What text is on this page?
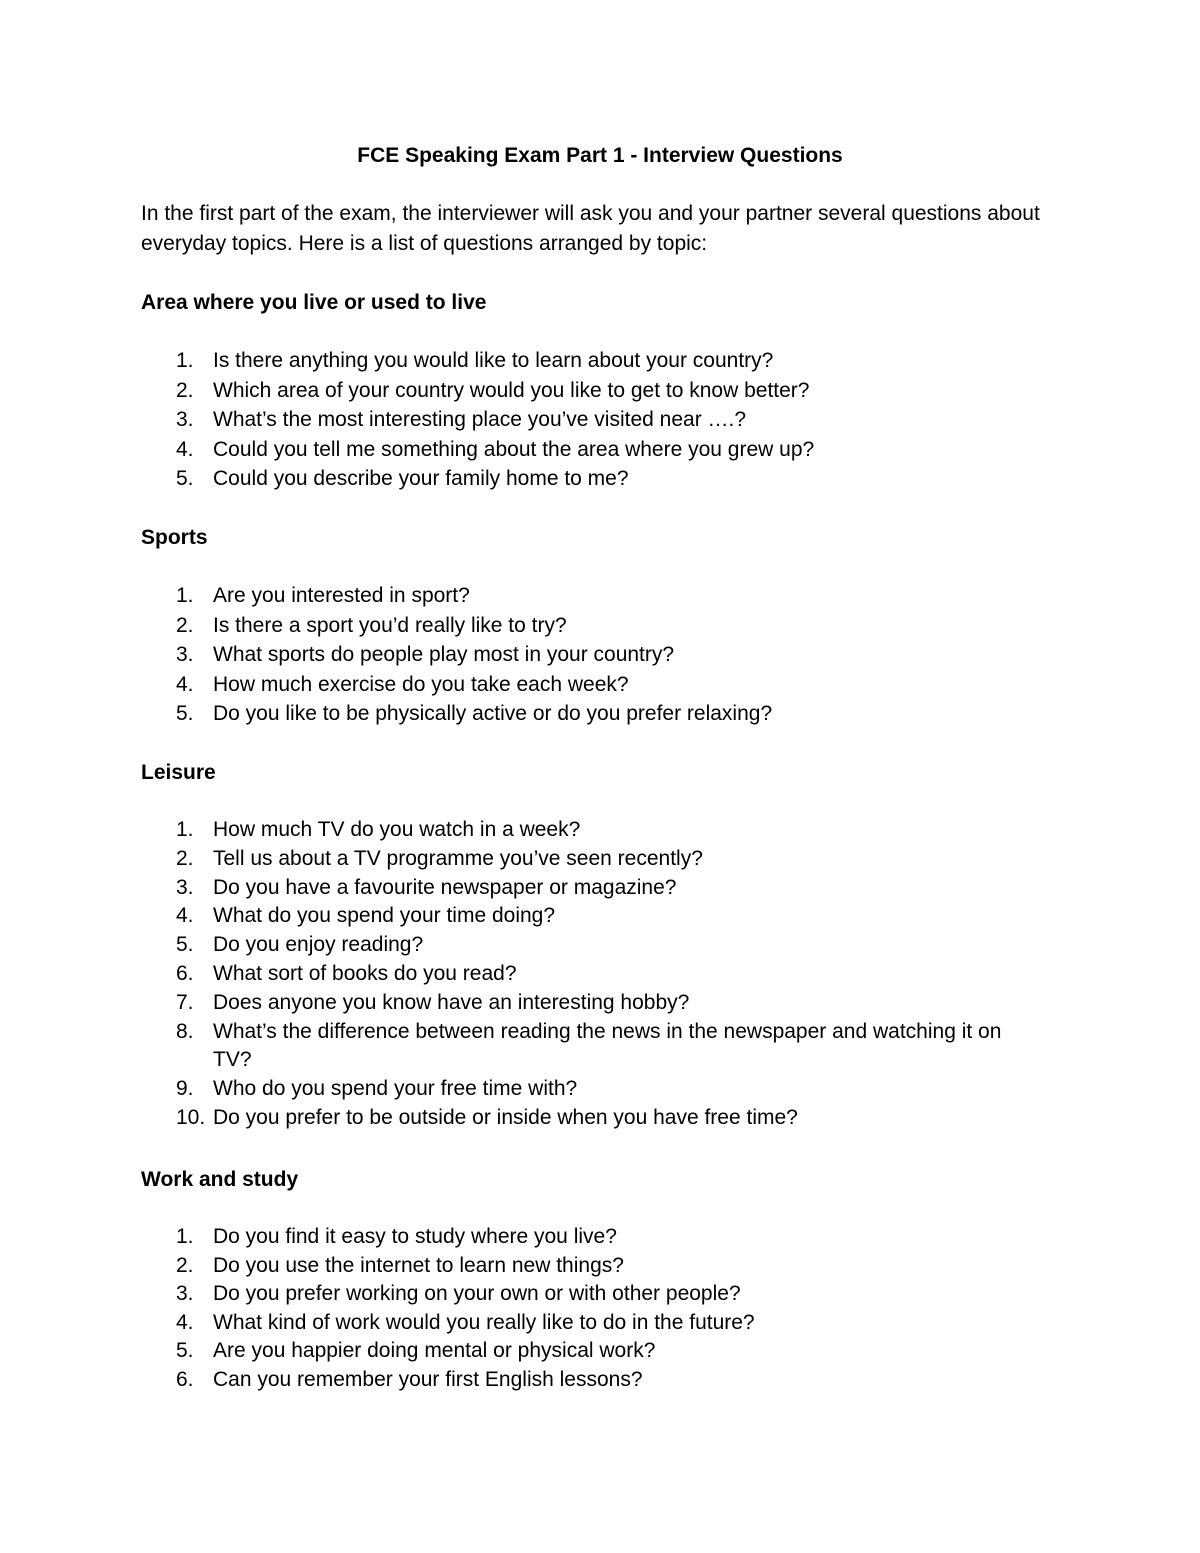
FCE Speaking Exam Part 1 - Interview Questions

In the first part of the exam, the interviewer will ask you and your partner several questions about everyday topics. Here is a list of questions arranged by topic:

Area where you live or used to live
1. Is there anything you would like to learn about your country?
2. Which area of your country would you like to get to know better?
3. What’s the most interesting place you’ve visited near ….?
4. Could you tell me something about the area where you grew up?
5. Could you describe your family home to me?
Sports
1. Are you interested in sport?
2. Is there a sport you’d really like to try?
3. What sports do people play most in your country?
4. How much exercise do you take each week?
5. Do you like to be physically active or do you prefer relaxing?
Leisure
1. How much TV do you watch in a week?
2. Tell us about a TV programme you’ve seen recently?
3. Do you have a favourite newspaper or magazine?
4. What do you spend your time doing?
5. Do you enjoy reading?
6. What sort of books do you read?
7. Does anyone you know have an interesting hobby?
8. What’s the difference between reading the news in the newspaper and watching it on TV?
9. Who do you spend your free time with?
10. Do you prefer to be outside or inside when you have free time?
Work and study
1. Do you find it easy to study where you live?
2. Do you use the internet to learn new things?
3. Do you prefer working on your own or with other people?
4. What kind of work would you really like to do in the future?
5. Are you happier doing mental or physical work?
6. Can you remember your first English lessons?
